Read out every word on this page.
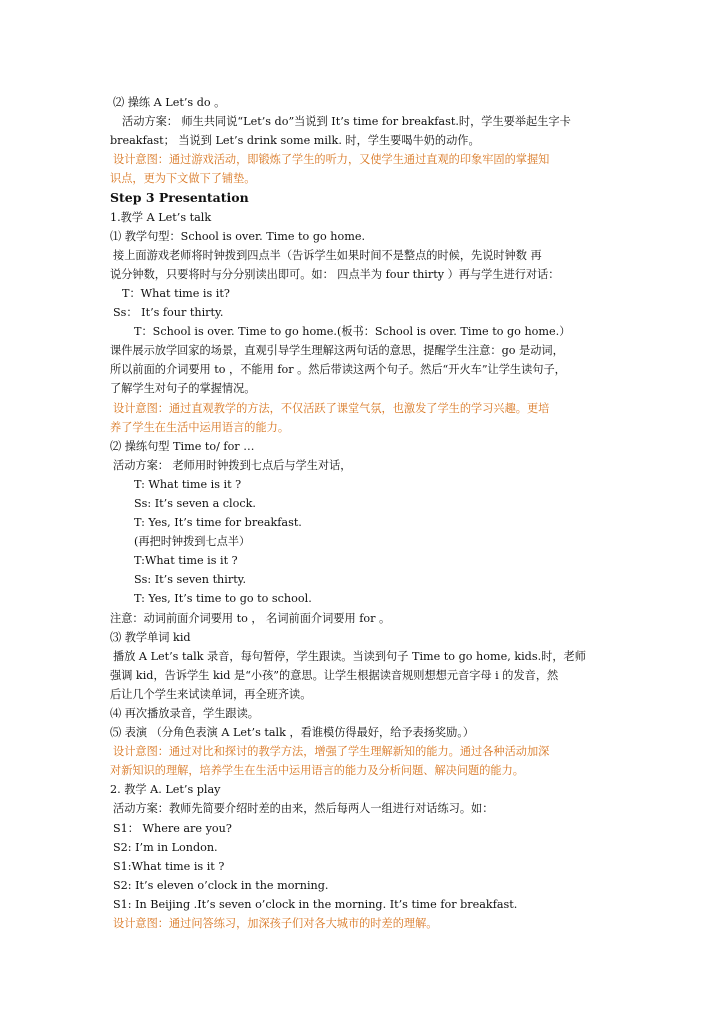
⑵ 操练 A Let’s do 。
活动方案： 师生共同说“Let’s do”当说到 It’s time for breakfast.时，学生要举起生字卡
breakfast； 当说到 Let’s drink some milk. 时，学生要喝牛奶的动作。
设计意图：通过游戏活动，即锻炼了学生的听力，又使学生通过直观的印象牢固的掌握知
识点，更为下文做下了铺垫。
Step 3 Presentation
1.教学 A Let’s talk
⑴ 教学句型：School is over. Time to go home.
接上面游戏老师将时钟拨到四点半（告诉学生如果时间不是整点的时候，先说时钟数 再
说分钟数，只要将时与分分别读出即可。如： 四点半为 four thirty ）再与学生进行对话：
T：What time is it?
Ss： It’s four thirty.
T：School is over. Time to go home.(板书：School is over. Time to go home.）
课件展示放学回家的场景，直观引导学生理解这两句话的意思，提醒学生注意：go 是动词，
所以前面的介词要用 to ，不能用 for 。然后带读这两个句子。然后“开火车”让学生读句子，
了解学生对句子的掌握情况。
设计意图：通过直观教学的方法，不仅活跃了课堂气氛，也激发了学生的学习兴趣。更培
养了学生在生活中运用语言的能力。
⑵ 操练句型 Time to/ for …
活动方案： 老师用时钟拨到七点后与学生对话，
T: What time is it ?
Ss: It’s seven a clock.
T: Yes, It’s time for breakfast.
(再把时钟拨到七点半）
T:What time is it ?
Ss: It’s seven thirty.
T: Yes, It’s time to go to school.
注意：动词前面介词要用 to ， 名词前面介词要用 for 。
⑶ 教学单词 kid
播放 A Let’s talk 录音，每句暂停，学生跟读。当读到句子 Time to go home, kids.时，老师
强调 kid，告诉学生 kid 是“小孩”的意思。让学生根据读音规则想想元音字母 i 的发音，然
后让几个学生来试读单词，再全班齐读。
⑷ 再次播放录音，学生跟读。
⑸ 表演 （分角色表演 A Let’s talk ，看谁模仿得最好，给予表扬奖励。）
设计意图：通过对比和探讨的教学方法，增强了学生理解新知的能力。通过各种活动加深
对新知识的理解，培养学生在生活中运用语言的能力及分析问题、解决问题的能力。
2. 教学 A. Let’s play
活动方案：教师先简要介绍时差的由来，然后每两人一组进行对话练习。如：
S1： Where are you?
S2: I’m in London.
S1:What time is it ?
S2: It’s eleven o’clock in the morning.
S1: In Beijing .It’s seven o’clock in the morning. It’s time for breakfast.
设计意图：通过问答练习，加深孩子们对各大城市的时差的理解。
